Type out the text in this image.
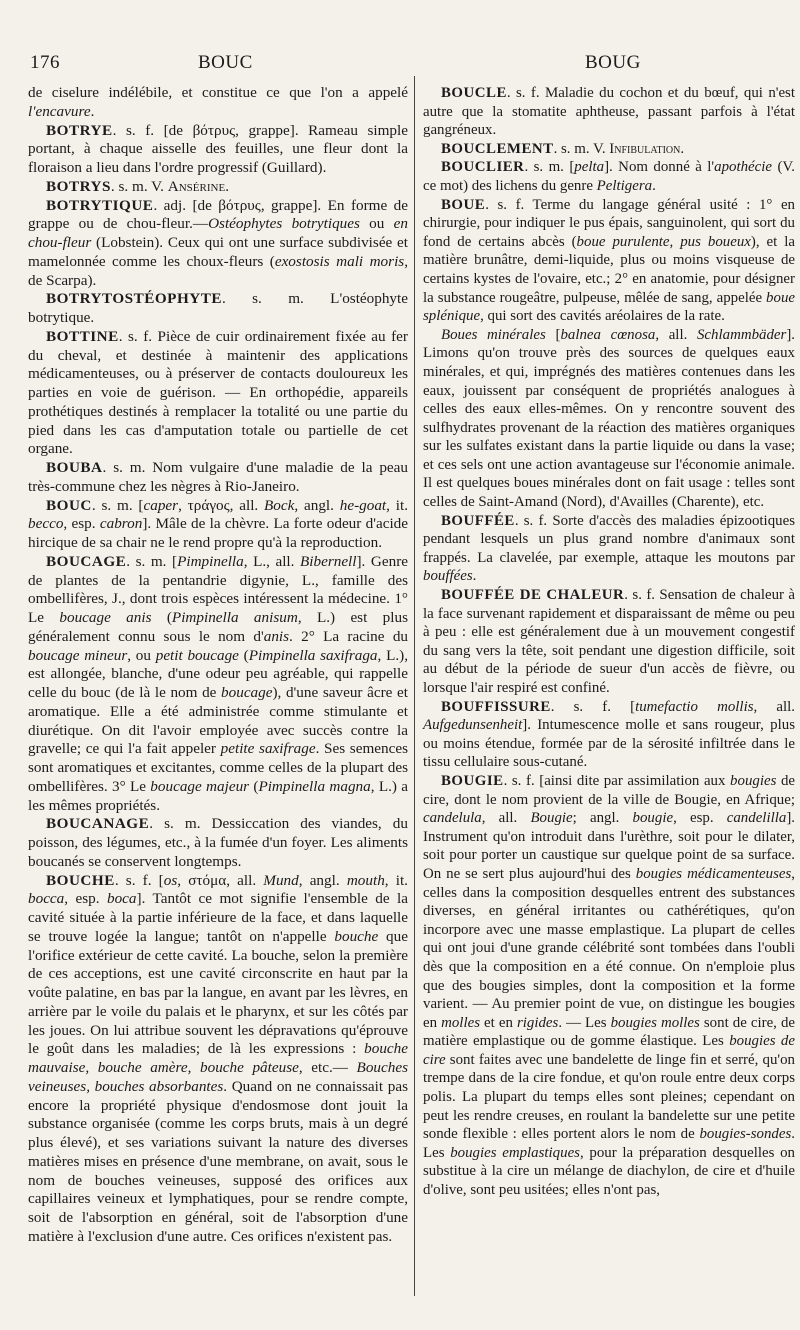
176	BOUC	BOUG

de ciselure indélébile, et constitue ce que l'on a appelé l'encavure.

BOTRYE. s. f. [de βότρυς, grappe]. Rameau simple portant, à chaque aisselle des feuilles, une fleur dont la floraison a lieu dans l'ordre progressif (Guillard).

BOTRYS. s. m. V. Ansérine.

BOTRYTIQUE. adj. [de βότρυς, grappe]. En forme de grappe ou de chou-fleur.—Ostéophytes botrytiques ou en chou-fleur (Lobstein). Ceux qui ont une surface subdivisée et mamelonnée comme les choux-fleurs (exostosis mali moris, de Scarpa).

BOTRYTOSTÉOPHYTE. s. m. L'ostéophyte botrytique.

BOTTINE. s. f. Pièce de cuir ordinairement fixée au fer du cheval, et destinée à maintenir des applications médicamenteuses, ou à préserver de contacts douloureux les parties en voie de guérison. — En orthopédie, appareils prothétiques destinés à remplacer la totalité ou une partie du pied dans les cas d'amputation totale ou partielle de cet organe.

BOUBA. s. m. Nom vulgaire d'une maladie de la peau très-commune chez les nègres à Rio-Janeiro.

BOUC. s. m. [caper, τράγος, all. Bock, angl. he-goat, it. becco, esp. cabron]. Mâle de la chèvre. La forte odeur d'acide hircique de sa chair ne le rend propre qu'à la reproduction.

BOUCAGE. s. m. [Pimpinella, L., all. Bibernell]. Genre de plantes de la pentandrie digynie, L., famille des ombellifères, J., dont trois espèces intéressent la médecine. 1° Le boucage anis (Pimpinella anisum, L.) est plus généralement connu sous le nom d'anis. 2° La racine du boucage mineur, ou petit boucage (Pimpinella saxifraga, L.), est allongée, blanche, d'une odeur peu agréable, qui rappelle celle du bouc (de là le nom de boucage), d'une saveur âcre et aromatique. Elle a été administrée comme stimulante et diurétique. On dit l'avoir employée avec succès contre la gravelle; ce qui l'a fait appeler petite saxifrage. Ses semences sont aromatiques et excitantes, comme celles de la plupart des ombellifères. 3° Le boucage majeur (Pimpinella magna, L.) a les mêmes propriétés.

BOUCANAGE. s. m. Dessiccation des viandes, du poisson, des légumes, etc., à la fumée d'un foyer. Les aliments boucanés se conservent longtemps.

BOUCHE. s. f. [os, στόμα, all. Mund, angl. mouth, it. bocca, esp. boca]. Tantôt ce mot signifie l'ensemble de la cavité située à la partie inférieure de la face, et dans laquelle se trouve logée la langue; tantôt on n'appelle bouche que l'orifice extérieur de cette cavité. La bouche, selon la première de ces acceptions, est une cavité circonscrite en haut par la voûte palatine, en bas par la langue, en avant par les lèvres, en arrière par le voile du palais et le pharynx, et sur les côtés par les joues. On lui attribue souvent les dépravations qu'éprouve le goût dans les maladies; de là les expressions : bouche mauvaise, bouche amère, bouche pâteuse, etc.— Bouches veineuses, bouches absorbantes. Quand on ne connaissait pas encore la propriété physique d'endosmose dont jouit la substance organisée (comme les corps bruts, mais à un degré plus élevé), et ses variations suivant la nature des diverses matières mises en présence d'une membrane, on avait, sous le nom de bouches veineuses, supposé des orifices aux capillaires veineux et lymphatiques, pour se rendre compte, soit de l'absorption en général, soit de l'absorption d'une matière à l'exclusion d'une autre. Ces orifices n'existent pas.

BOUCLE. s. f. Maladie du cochon et du bœuf, qui n'est autre que la stomatite aphtheuse, passant parfois à l'état gangréneux.

BOUCLEMENT. s. m. V. Infibulation.

BOUCLIER. s. m. [pelta]. Nom donné à l'apothécie (V. ce mot) des lichens du genre Peltigera.

BOUE. s. f. Terme du langage général usité : 1° en chirurgie, pour indiquer le pus épais, sanguinolent, qui sort du fond de certains abcès (boue purulente, pus boueux), et la matière brunâtre, demi-liquide, plus ou moins visqueuse de certains kystes de l'ovaire, etc.; 2° en anatomie, pour désigner la substance rougeâtre, pulpeuse, mêlée de sang, appelée boue splénique, qui sort des cavités aréolaires de la rate.

Boues minérales [balnea cœnosa, all. Schlammbäder]. Limons qu'on trouve près des sources de quelques eaux minérales, et qui, imprégnés des matières contenues dans les eaux, jouissent par conséquent de propriétés analogues à celles des eaux elles-mêmes. On y rencontre souvent des sulfhydrates provenant de la réaction des matières organiques sur les sulfates existant dans la partie liquide ou dans la vase; et ces sels ont une action avantageuse sur l'économie animale. Il est quelques boues minérales dont on fait usage : telles sont celles de Saint-Amand (Nord), d'Availles (Charente), etc.

BOUFFÉE. s. f. Sorte d'accès des maladies épizootiques pendant lesquels un plus grand nombre d'animaux sont frappés. La clavelée, par exemple, attaque les moutons par bouffées.

BOUFFÉE DE CHALEUR. s. f. Sensation de chaleur à la face survenant rapidement et disparaissant de même ou peu à peu : elle est généralement due à un mouvement congestif du sang vers la tête, soit pendant une digestion difficile, soit au début de la période de sueur d'un accès de fièvre, ou lorsque l'air respiré est confiné.

BOUFFISSURE. s. f. [tumefactio mollis, all. Aufgedunsenheit]. Intumescence molle et sans rougeur, plus ou moins étendue, formée par de la sérosité infiltrée dans le tissu cellulaire sous-cutané.

BOUGIE. s. f. [ainsi dite par assimilation aux bougies de cire, dont le nom provient de la ville de Bougie, en Afrique; candelula, all. Bougie; angl. bougie, esp. candelilla]. Instrument qu'on introduit dans l'urèthre, soit pour le dilater, soit pour porter un caustique sur quelque point de sa surface. On ne se sert plus aujourd'hui des bougies médicamenteuses, celles dans la composition desquelles entrent des substances diverses, en général irritantes ou cathérétiques, qu'on incorpore avec une masse emplastique. La plupart de celles qui ont joui d'une grande célébrité sont tombées dans l'oubli dès que la composition en a été connue. On n'emploie plus que des bougies simples, dont la composition et la forme varient. — Au premier point de vue, on distingue les bougies en molles et en rigides. — Les bougies molles sont de cire, de matière emplastique ou de gomme élastique. Les bougies de cire sont faites avec une bandelette de linge fin et serré, qu'on trempe dans de la cire fondue, et qu'on roule entre deux corps polis. La plupart du temps elles sont pleines; cependant on peut les rendre creuses, en roulant la bandelette sur une petite sonde flexible : elles portent alors le nom de bougies-sondes. Les bougies emplastiques, pour la préparation desquelles on substitue à la cire un mélange de diachylon, de cire et d'huile d'olive, sont peu usitées; elles n'ont pas,
